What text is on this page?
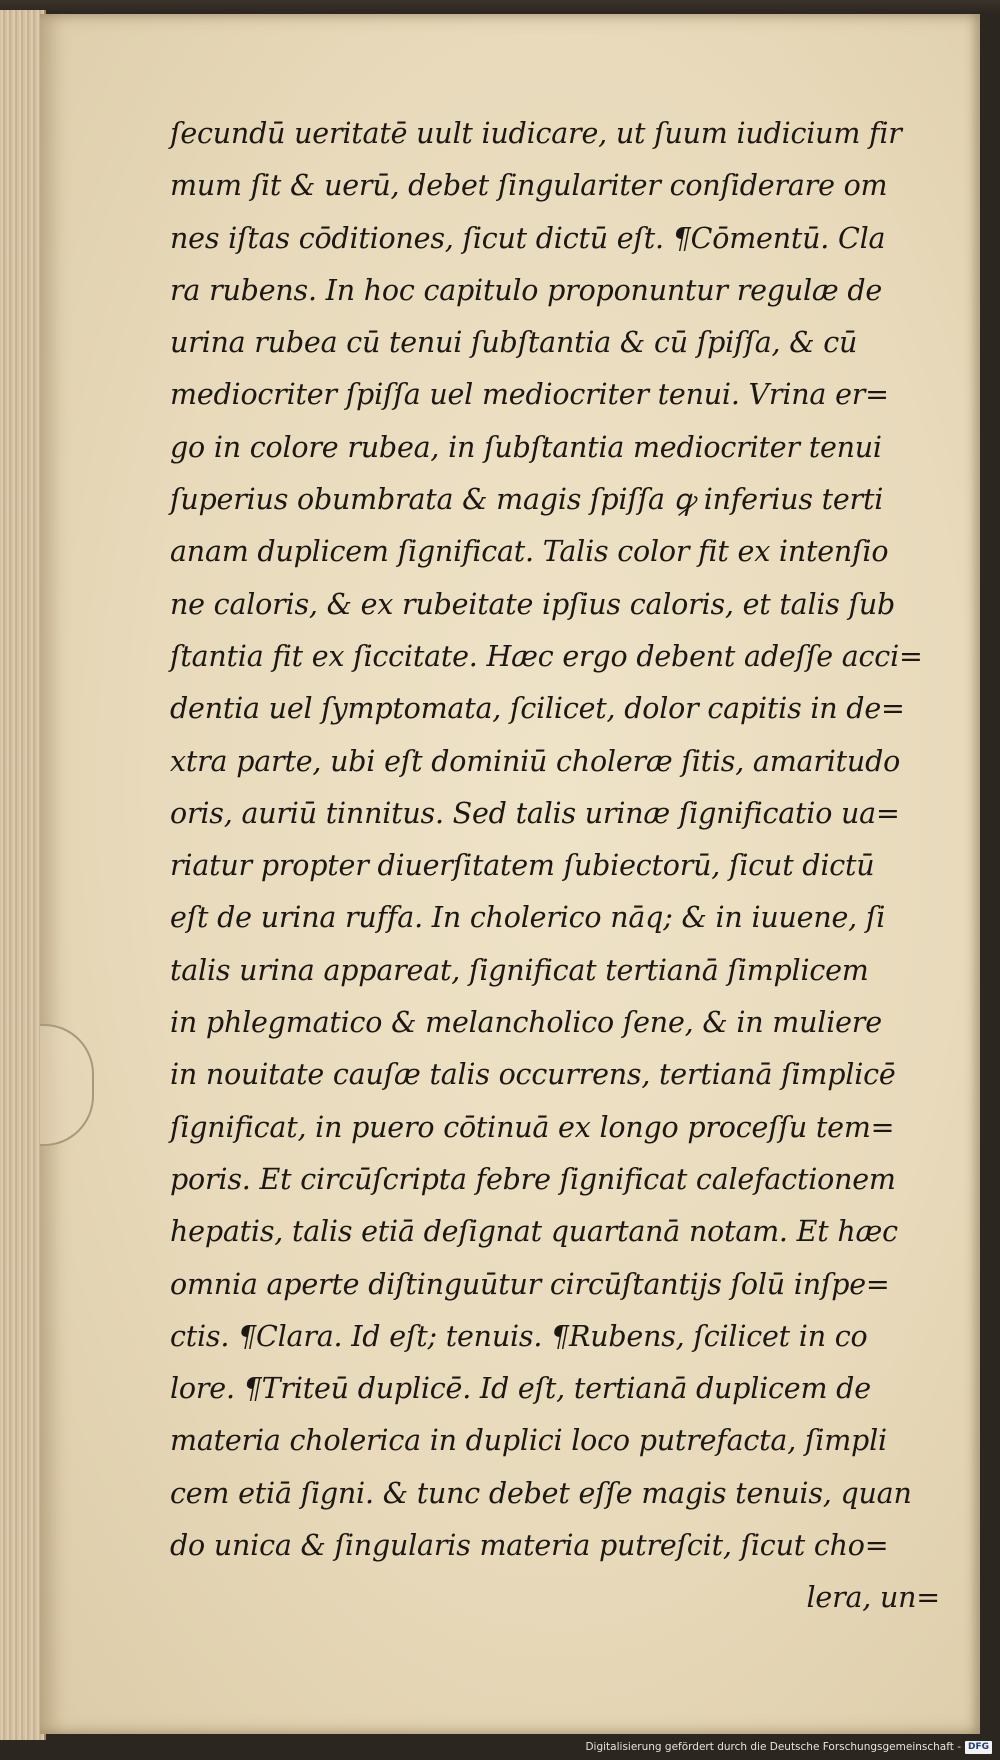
ſecundū ueritatē uult iudicare, ut ſuum iudicium fir
mum ſit & uerū, debet ſingulariter conſiderare om
nes iſtas cōditiones, ſicut dictū eſt. ¶Cōmentū. Cla
ra rubens. In hoc capitulo proponuntur regulæ de
urina rubea cū tenui ſubſtantia & cū ſpiſſa, & cū
mediocriter ſpiſſa uel mediocriter tenui. Vrina er=
go in colore rubea, in ſubſtantia mediocriter tenui
ſuperius obumbrata & magis ſpiſſa ꝙ inferius terti
anam duplicem ſignificat. Talis color fit ex intenſio
ne caloris, & ex rubeitate ipſius caloris, et talis ſub
ſtantia fit ex ſiccitate. Hæc ergo debent adeſſe acci=
dentia uel ſymptomata, ſcilicet, dolor capitis in de=
xtra parte, ubi eſt dominiū choleræ ſitis, amaritudo
oris, auriū tinnitus. Sed talis urinæ ſignificatio ua=
riatur propter diuerſitatem ſubiectorū, ſicut dictū
eſt de urina ruffa. In cholerico nāq; & in iuuene, ſi
talis urina appareat, ſignificat tertianā ſimplicem
in phlegmatico & melancholico ſene, & in muliere
in nouitate cauſæ talis occurrens, tertianā ſimplicē
ſignificat, in puero cōtinuā ex longo proceſſu tem=
poris. Et circūſcripta febre ſignificat calefactionem
hepatis, talis etiā deſignat quartanā notam. Et hæc
omnia aperte diſtinguūtur circūſtantijs ſolū inſpe=
ctis. ¶Clara. Id eſt; tenuis. ¶Rubens, ſcilicet in co
lore. ¶Triteū duplicē. Id eſt, tertianā duplicem de
materia cholerica in duplici loco putrefacta, ſimpli
cem etiā ſigni. & tunc debet eſſe magis tenuis, quan
do unica & ſingularis materia putreſcit, ſicut cho=
lera, un=
Digitalisierung gefördert durch die Deutsche Forschungsgemeinschaft - DFG
